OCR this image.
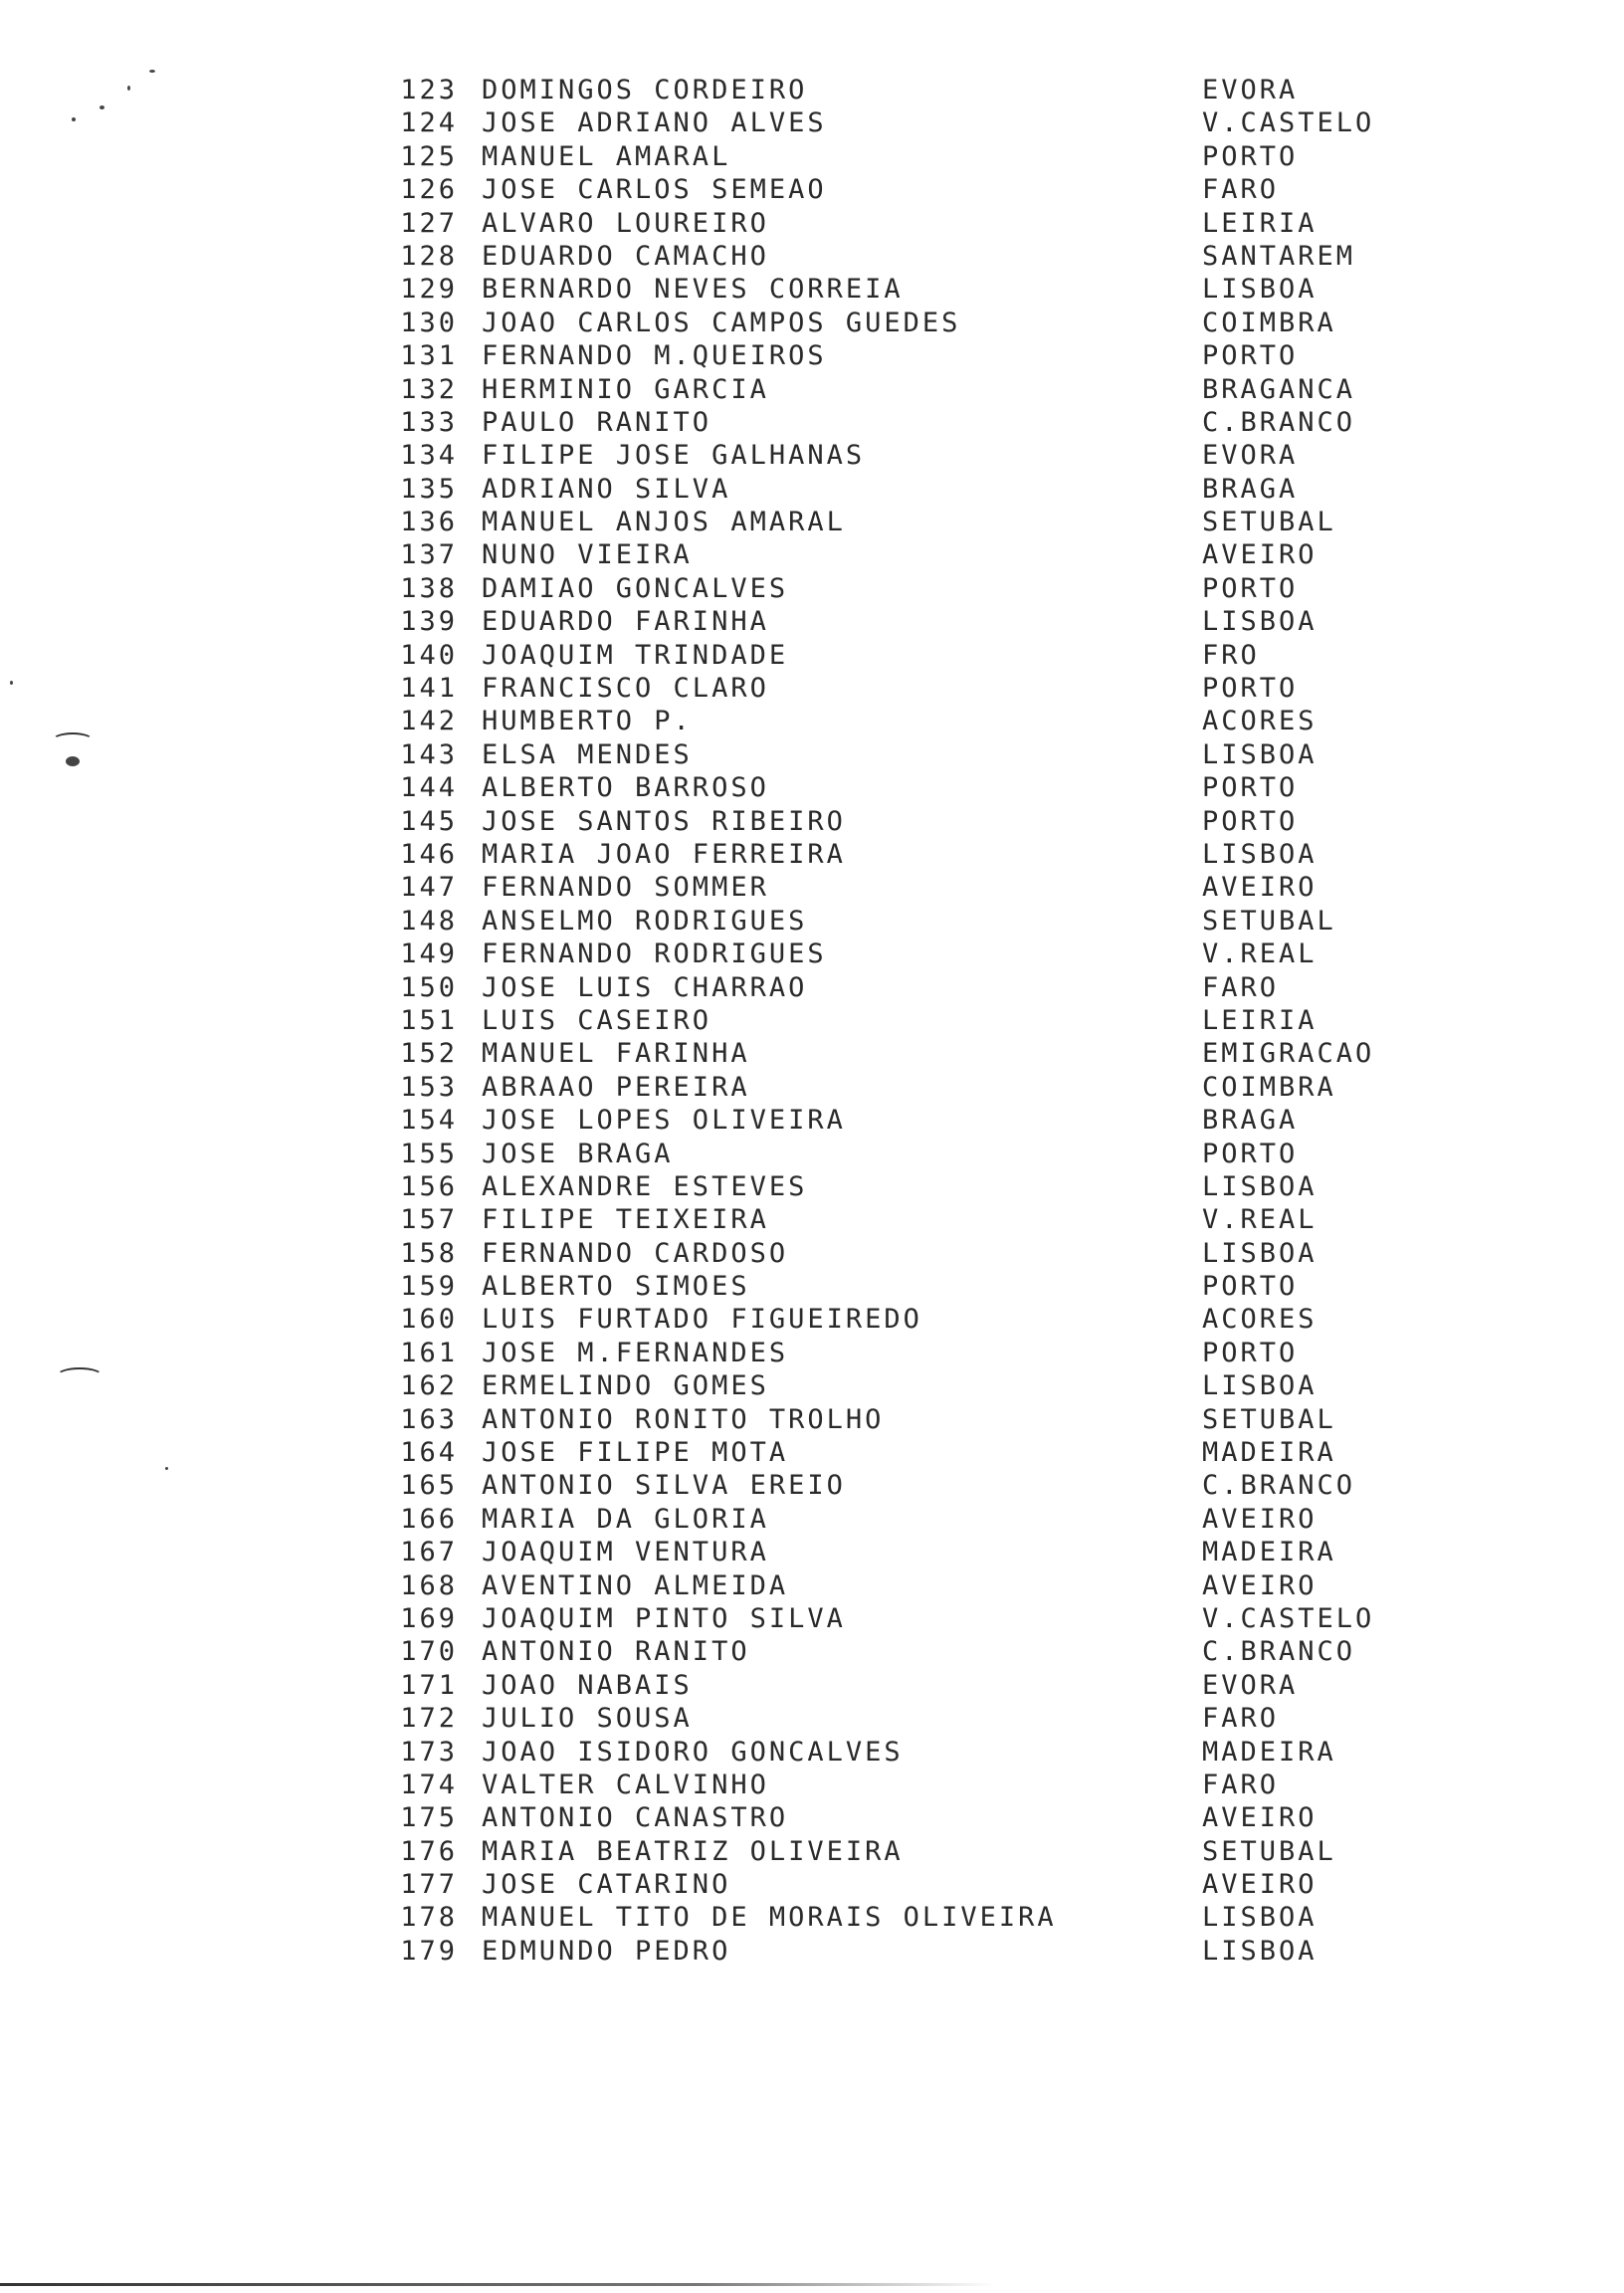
123 DOMINGOS CORDEIRO	EVORA
124 JOSE ADRIANO ALVES	V.CASTELO
125 MANUEL AMARAL	PORTO
126 JOSE CARLOS SEMEAO	FARO
127 ALVARO LOUREIRO	LEIRIA
128 EDUARDO CAMACHO	SANTAREM
129 BERNARDO NEVES CORREIA	LISBOA
130 JOAO CARLOS CAMPOS GUEDES	COIMBRA
131 FERNANDO M.QUEIROS	PORTO
132 HERMINIO GARCIA	BRAGANCA
133 PAULO RANITO	C.BRANCO
134 FILIPE JOSE GALHANAS	EVORA
135 ADRIANO SILVA	BRAGA
136 MANUEL ANJOS AMARAL	SETUBAL
137 NUNO VIEIRA	AVEIRO
138 DAMIAO GONCALVES	PORTO
139 EDUARDO FARINHA	LISBOA
140 JOAQUIM TRINDADE	FRO
141 FRANCISCO CLARO	PORTO
142 HUMBERTO P.	ACORES
143 ELSA MENDES	LISBOA
144 ALBERTO BARROSO	PORTO
145 JOSE SANTOS RIBEIRO	PORTO
146 MARIA JOAO FERREIRA	LISBOA
147 FERNANDO SOMMER	AVEIRO
148 ANSELMO RODRIGUES	SETUBAL
149 FERNANDO RODRIGUES	V.REAL
150 JOSE LUIS CHARRAO	FARO
151 LUIS CASEIRO	LEIRIA
152 MANUEL FARINHA	EMIGRACAO
153 ABRAAO PEREIRA	COIMBRA
154 JOSE LOPES OLIVEIRA	BRAGA
155 JOSE BRAGA	PORTO
156 ALEXANDRE ESTEVES	LISBOA
157 FILIPE TEIXEIRA	V.REAL
158 FERNANDO CARDOSO	LISBOA
159 ALBERTO SIMOES	PORTO
160 LUIS FURTADO FIGUEIREDO	ACORES
161 JOSE M.FERNANDES	PORTO
162 ERMELINDO GOMES	LISBOA
163 ANTONIO RONITO TROLHO	SETUBAL
164 JOSE FILIPE MOTA	MADEIRA
165 ANTONIO SILVA EREIO	C.BRANCO
166 MARIA DA GLORIA	AVEIRO
167 JOAQUIM VENTURA	MADEIRA
168 AVENTINO ALMEIDA	AVEIRO
169 JOAQUIM PINTO SILVA	V.CASTELO
170 ANTONIO RANITO	C.BRANCO
171 JOAO NABAIS	EVORA
172 JULIO SOUSA	FARO
173 JOAO ISIDORO GONCALVES	MADEIRA
174 VALTER CALVINHO	FARO
175 ANTONIO CANASTRO	AVEIRO
176 MARIA BEATRIZ OLIVEIRA	SETUBAL
177 JOSE CATARINO	AVEIRO
178 MANUEL TITO DE MORAIS OLIVEIRA	LISBOA
179 EDMUNDO PEDRO	LISBOA
